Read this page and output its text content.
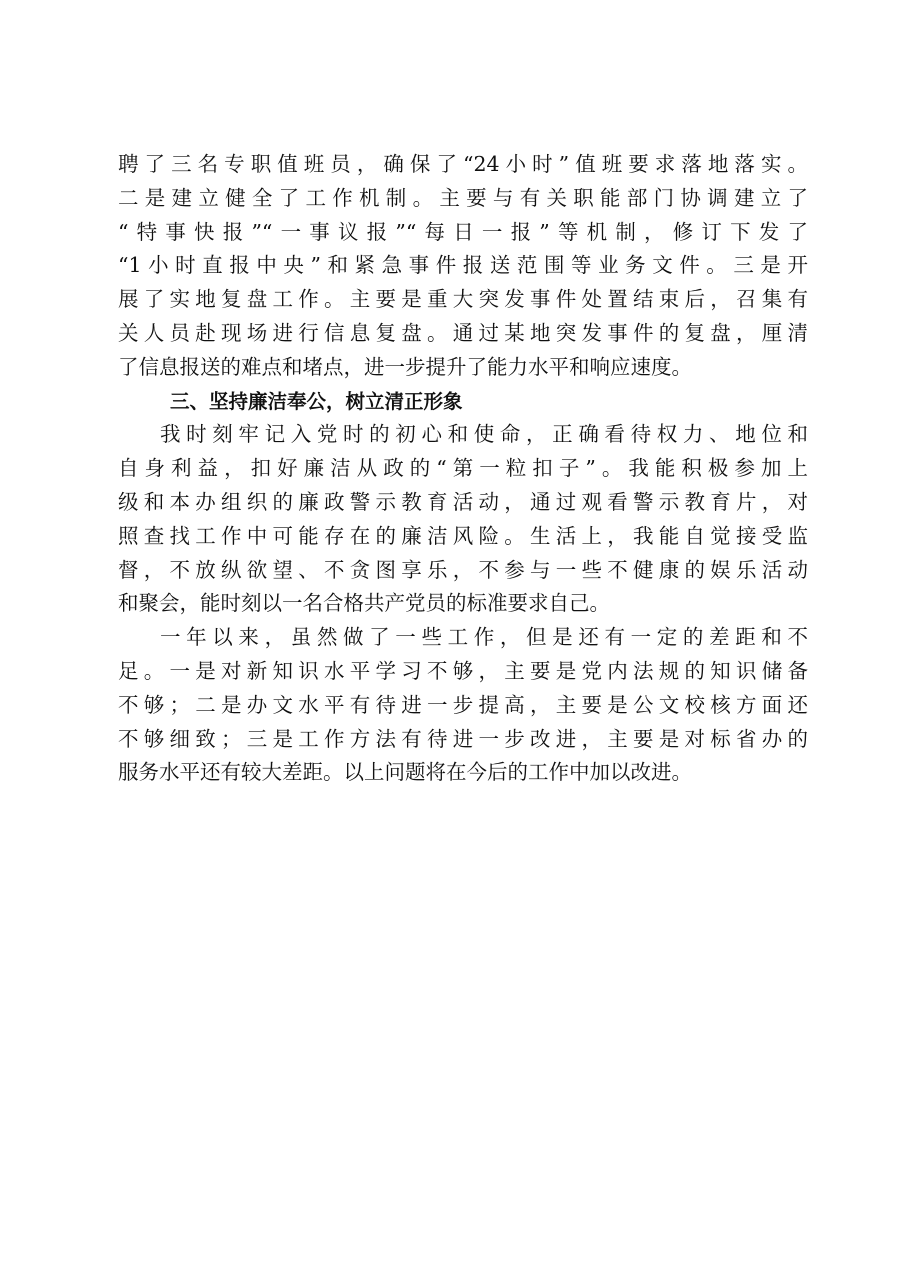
聘了三名专职值班员，确保了“24小时”值班要求落地落实。
二是建立健全了工作机制。主要与有关职能部门协调建立了
“特事快报”“一事议报”“每日一报”等机制，修订下发了
“1小时直报中央”和紧急事件报送范围等业务文件。三是开
展了实地复盘工作。主要是重大突发事件处置结束后，召集有
关人员赴现场进行信息复盘。通过某地突发事件的复盘，厘清
了信息报送的难点和堵点，进一步提升了能力水平和响应速度。
三、坚持廉洁奉公，树立清正形象
我时刻牢记入党时的初心和使命，正确看待权力、地位和
自身利益，扣好廉洁从政的“第一粒扣子”。我能积极参加上
级和本办组织的廉政警示教育活动，通过观看警示教育片，对
照查找工作中可能存在的廉洁风险。生活上，我能自觉接受监
督，不放纵欲望、不贪图享乐，不参与一些不健康的娱乐活动
和聚会，能时刻以一名合格共产党员的标准要求自己。
一年以来，虽然做了一些工作，但是还有一定的差距和不
足。一是对新知识水平学习不够，主要是党内法规的知识储备
不够；二是办文水平有待进一步提高，主要是公文校核方面还
不够细致；三是工作方法有待进一步改进，主要是对标省办的
服务水平还有较大差距。以上问题将在今后的工作中加以改进。
